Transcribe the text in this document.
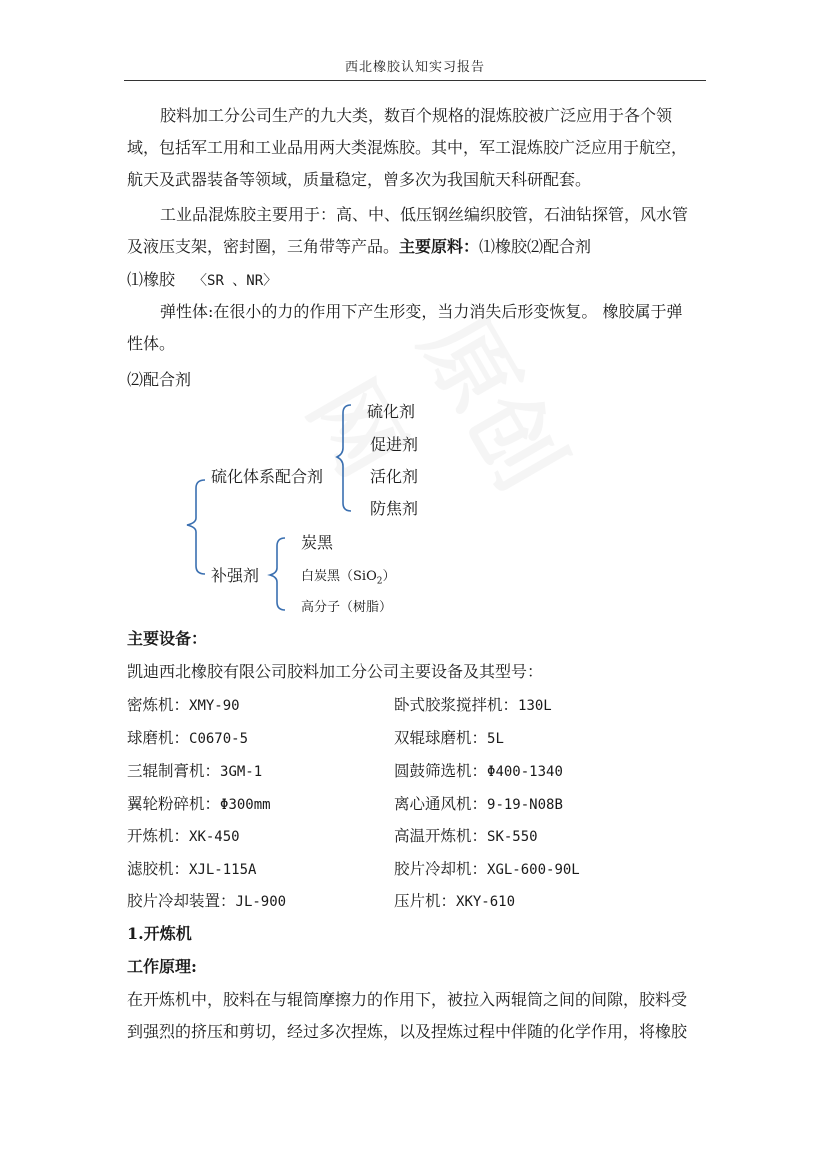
西北橡胶认知实习报告
胶料加工分公司生产的九大类，数百个规格的混炼胶被广泛应用于各个领
域，包括军工用和工业品用两大类混炼胶。其中，军工混炼胶广泛应用于航空，
航天及武器装备等领域，质量稳定，曾多次为我国航天科研配套。
工业品混炼胶主要用于：高、中、低压钢丝编织胶管，石油钻探管，风水管
及液压支架，密封圈，三角带等产品。主要原料：⑴橡胶⑵配合剂
⑴橡胶 〈SR 、NR〉
弹性体:在很小的力的作用下产生形变，当力消失后形变恢复。 橡胶属于弹
性体。
⑵配合剂
硫化剂
促进剂
活化剂
防焦剂
硫化体系配合剂
补强剂
炭黑
白炭黑（SiO$_2$）
高分子（树脂）
主要设备：
凯迪西北橡胶有限公司胶料加工分公司主要设备及其型号：
密炼机：XMY-90	卧式胶浆搅拌机：130L
球磨机：C0670-5	双辊球磨机：5L
三辊制膏机：3GM-1	圆鼓筛选机：Φ400-1340
翼轮粉碎机：Φ300mm	离心通风机：9-19-N08B
开炼机：XK-450	高温开炼机：SK-550
滤胶机：XJL-115A	胶片冷却机：XGL-600-90L
胶片冷却装置：JL-900	压片机：XKY-610
1.开炼机
工作原理:
在开炼机中，胶料在与辊筒摩擦力的作用下，被拉入两辊筒之间的间隙，胶料受
到强烈的挤压和剪切，经过多次捏炼，以及捏炼过程中伴随的化学作用，将橡胶
